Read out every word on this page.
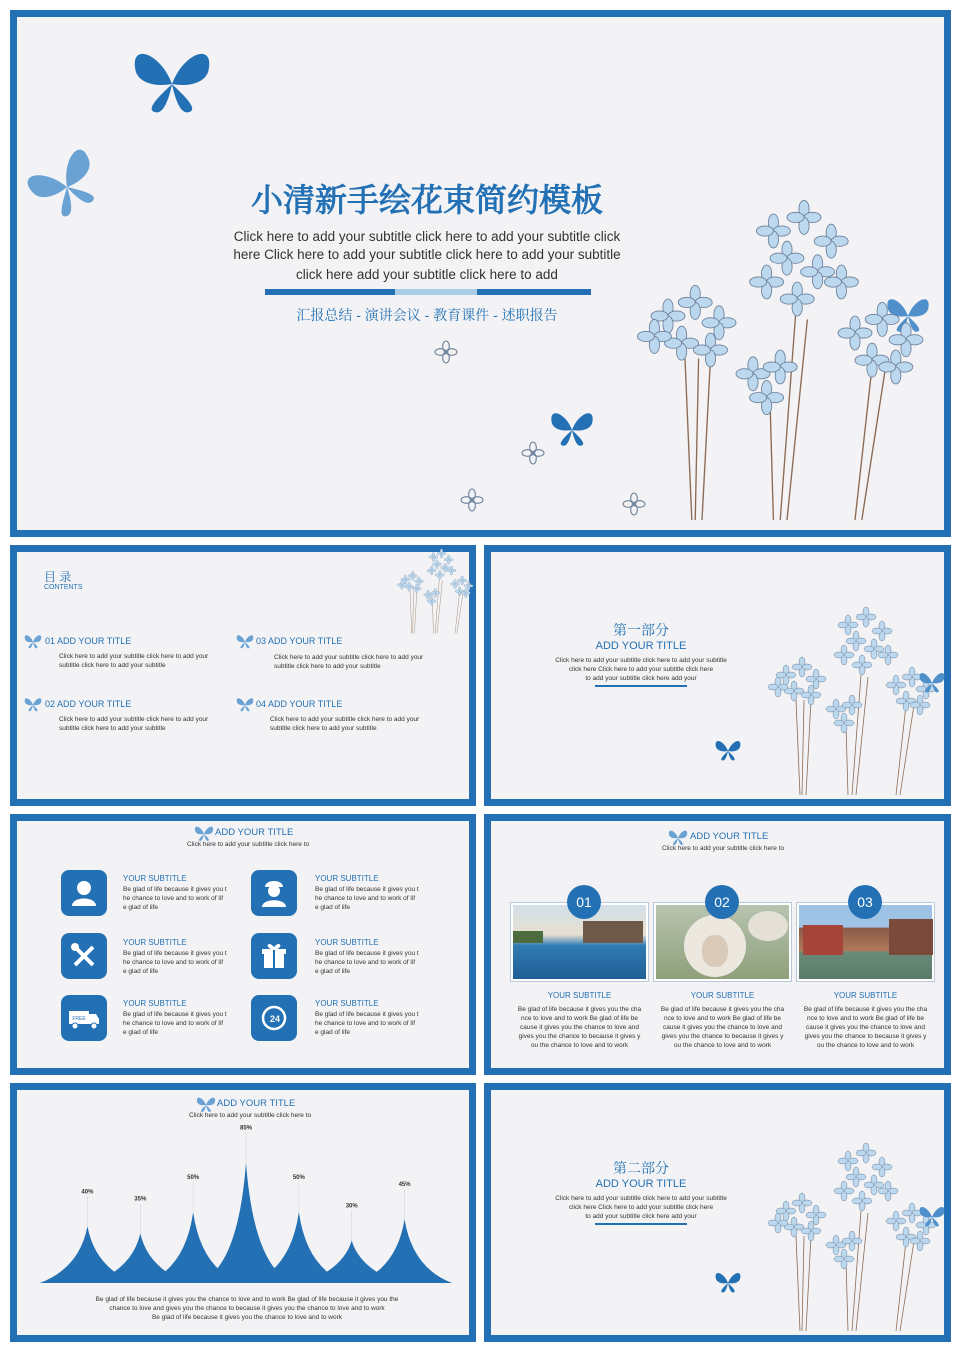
小清新手绘花束简约模板
Click here to add your subtitle click here to add your subtitle click
here Click here to add your subtitle click here to add your subtitle
click here add your subtitle click here to add
汇报总结 - 演讲会议 - 教育课件 - 述职报告
目 录
CONTENTS
01 ADD YOUR TITLE
Click here to add your subtitle click here to add your
subtitle click here to add your subtitle
03 ADD YOUR TITLE
Click here to add your subtitle click here to add your
subtitle click here to add your subtitle
02 ADD YOUR TITLE
Click here to add your subtitle click here to add your
subtitle click here to add your subtitle
04 ADD YOUR TITLE
Click here to add your subtitle click here to add your
subtitle click here to add your subtitle
第一部分
ADD YOUR TITLE
Click here to add your subtitle click here to add your subtitle
click here Click here to add your subtitle click here
to add your subtitle click here add your
ADD YOUR TITLE
Click here to add your subtitle click here to
YOUR SUBTITLE
Be glad of life because it gives you t
he chance to love and to work of lif
e glad of life
YOUR SUBTITLE
Be glad of life because it gives you t
he chance to love and to work of lif
e glad of life
YOUR SUBTITLE
Be glad of life because it gives you t
he chance to love and to work of lif
e glad of life
YOUR SUBTITLE
Be glad of life because it gives you t
he chance to love and to work of lif
e glad of life
FREE
YOUR SUBTITLE
Be glad of life because it gives you t
he chance to love and to work of lif
e glad of life
24
YOUR SUBTITLE
Be glad of life because it gives you t
he chance to love and to work of lif
e glad of life
ADD YOUR TITLE
Click here to add your subtitle click here to
01
YOUR SUBTITLE
Be glad of life because it gives you the cha
nce to love and to work Be glad of life be
cause it gives you the chance to love and
gives you the chance to because it gives y
ou the chance to love and to work
02
YOUR SUBTITLE
Be glad of life because it gives you the cha
nce to love and to work Be glad of life be
cause it gives you the chance to love and
gives you the chance to because it gives y
ou the chance to love and to work
03
YOUR SUBTITLE
Be glad of life because it gives you the cha
nce to love and to work Be glad of life be
cause it gives you the chance to love and
gives you the chance to because it gives y
ou the chance to love and to work
ADD YOUR TITLE
Click here to add your subtitle click here to
40%
35%
50%
85%
50%
30%
45%
Be glad of life because it gives you the chance to love and to work Be glad of life because it gives you the
chance to love and gives you the chance to because it gives you the chance to love and to work
Be glad of life because it gives you the chance to love and to work
第二部分
ADD YOUR TITLE
Click here to add your subtitle click here to add your subtitle
click here Click here to add your subtitle click here
to add your subtitle click here add your
